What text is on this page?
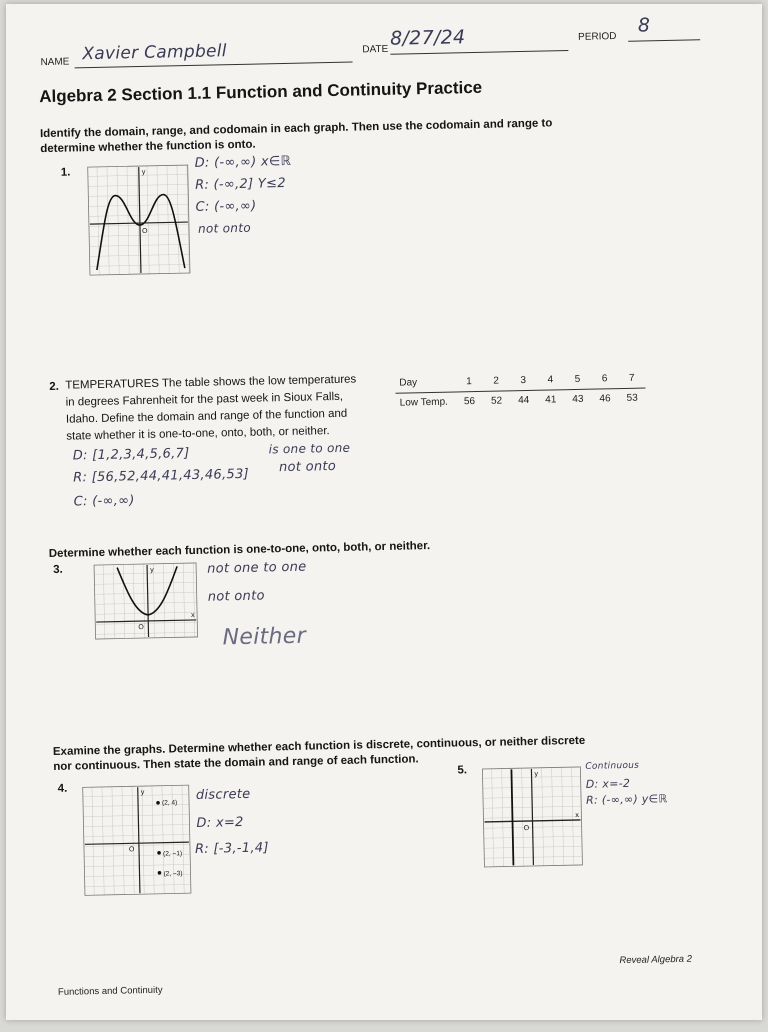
NAME Xavier Campbell	DATE 8/27/24	PERIOD
8
Algebra 2 Section 1.1 Function and Continuity Practice
Identify the domain, range, and codomain in each graph. Then use the codomain and range to
determine whether the function is onto.
1.
O
y
D: (-∞,∞) x∈ℝ
R: (-∞,2] Y≤2
C: (-∞,∞)
not onto
2. TEMPERATURES The table shows the low temperatures
in degrees Fahrenheit for the past week in Sioux Falls,
Idaho. Define the domain and range of the function and
state whether it is one-to-one, onto, both, or neither.
Day	1	2	3	4	5	6	7
Low Temp.	56	52	44	41	43	46	53
D: [1,2,3,4,5,6,7]	is one to one
R: [56,52,44,41,43,46,53] not onto
C: (-∞,∞)
Determine whether each function is one-to-one, onto, both, or neither.
3.
O
y
x
not one to one
not onto
Neither
Examine the graphs. Determine whether each function is discrete, continuous, or neither discrete
nor continuous. Then state the domain and range of each function.
4.
(2, 4)
(2, −1)
(2, −3)
O
y	discrete
D: x=2
R: [-3,-1,4]
5.
O
y
x
Continuous
D: x=-2
R: (-∞,∞) y∈ℝ
Functions and Continuity
Reveal Algebra 2
